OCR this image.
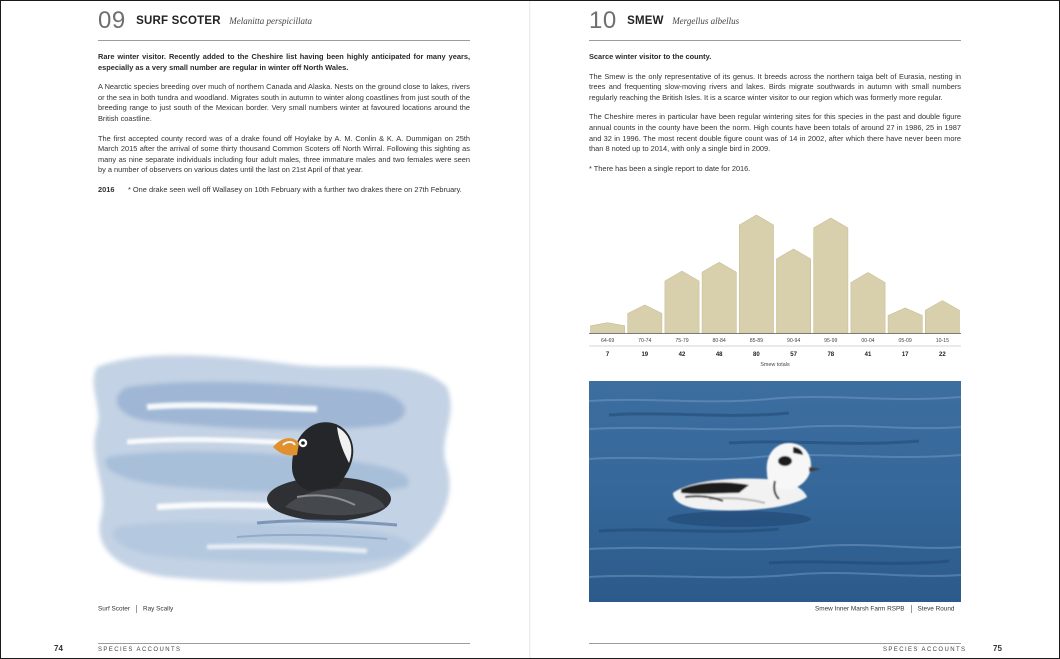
09 SURF SCOTER Melanitta perspicillata

Rare winter visitor. Recently added to the Cheshire list having been highly anticipated for many years, especially as a very small number are regular in winter off North Wales.

A Nearctic species breeding over much of northern Canada and Alaska. Nests on the ground close to lakes, rivers or the sea in both tundra and woodland. Migrates south in autumn to winter along coastlines from just south of the breeding range to just south of the Mexican border. Very small numbers winter at favoured locations around the British coastline.

The first accepted county record was of a drake found off Hoylake by A. M. Conlin & K. A. Dummigan on 25th March 2015 after the arrival of some thirty thousand Common Scoters off North Wirral. Following this sighting as many as nine separate individuals including four adult males, three immature males and two females were seen by a number of observers on various dates until the last on 21st April of that year.

2016	* One drake seen well off Wallasey on 10th February with a further two drakes there on 27th February.
Surf Scoter Ray Scally
74	SPECIES ACCOUNTS
10 SMEW Mergellus albellus

Scarce winter visitor to the county.

The Smew is the only representative of its genus. It breeds across the northern taiga belt of Eurasia, nesting in trees and frequenting slow-moving rivers and lakes. Birds migrate southwards in autumn with small numbers regularly reaching the British Isles. It is a scarce winter visitor to our region which was formerly more regular.

The Cheshire meres in particular have been regular wintering sites for this species in the past and double figure annual counts in the county have been the norm. High counts have been totals of around 27 in 1986, 25 in 1987 and 32 in 1996. The most recent double figure count was of 14 in 2002, after which there have never been more than 8 noted up to 2014, with only a single bird in 2009.

* There has been a single report to date for 2016.

Smew Inner Marsh Farm RSPB Steve Round
SPECIES ACCOUNTS	75
64-69
7
70-74
19
75-79
42
80-84
48
85-89
80
90-94
57
95-99
78
00-04
41
05-09
17
10-15
22
Smew totals
